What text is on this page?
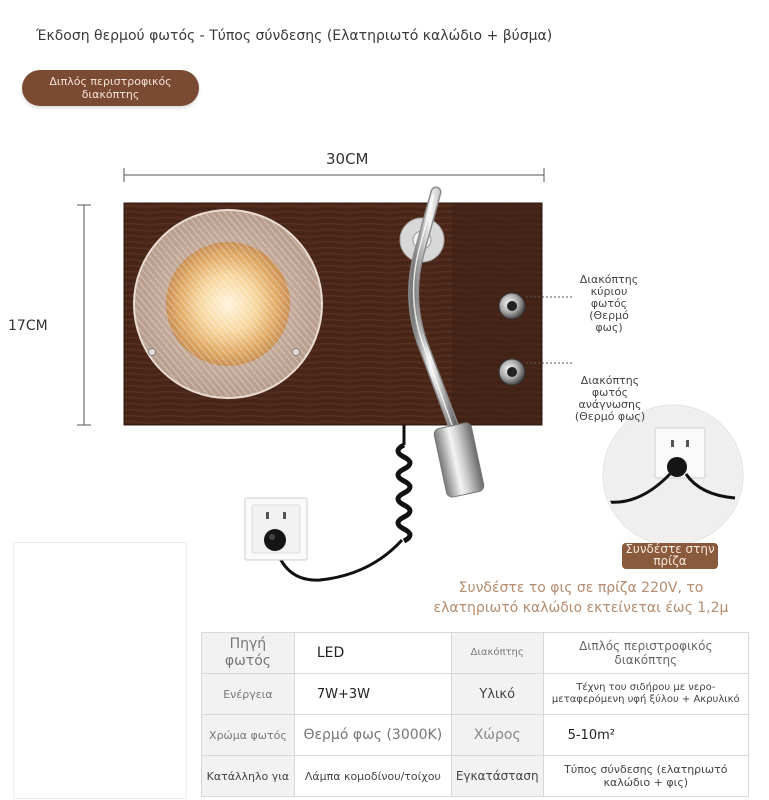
Έκδοση θερμού φωτός - Τύπος σύνδεσης (Ελατηριωτό καλώδιο + βύσμα)
Διπλός περιστροφικός διακόπτης
30CM
17CM
Διακόπτης κύριου φωτός (Θερμό φως)
Διακόπτης φωτός ανάγνωσης (Θερμό φως)
Συνδέστε στην πρίζα
Συνδέστε το φις σε πρίζα 220V, το
ελατηριωτό καλώδιο εκτείνεται έως 1,2μ
Πηγή φωτός	LED	Διακόπτης	Διπλός περιστροφικός διακόπτης
Ενέργεια	7W+3W	Υλικό	Τέχνη του σιδήρου με νερο-μεταφερόμενη υφή ξύλου + Ακρυλικό
Χρώμα φωτός	Θερμό φως (3000K)	Χώρος	5-10m²
Κατάλληλο για	Λάμπα κομοδίνου/τοίχου	Εγκατάσταση	Τύπος σύνδεσης (ελατηριωτό καλώδιο + φις)
